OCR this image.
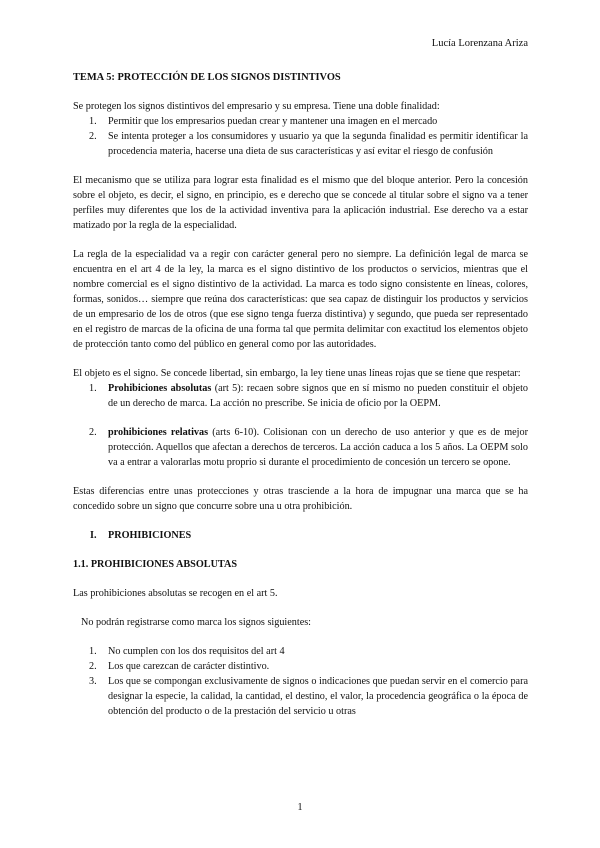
Lucía Lorenzana Ariza
TEMA 5: PROTECCIÓN DE LOS SIGNOS DISTINTIVOS

Se protegen los signos distintivos del empresario y su empresa. Tiene una doble finalidad:

1. Permitir que los empresarios puedan crear y mantener una imagen en el mercado
2. Se intenta proteger a los consumidores y usuario ya que la segunda finalidad es permitir identificar la procedencia materia, hacerse una dieta de sus características y así evitar el riesgo de confusión

El mecanismo que se utiliza para lograr esta finalidad es el mismo que del bloque anterior. Pero la concesión sobre el objeto, es decir, el signo, en principio, es e derecho que se concede al titular sobre el signo va a tener perfiles muy diferentes que los de la actividad inventiva para la aplicación industrial. Ese derecho va a estar matizado por la regla de la especialidad.

La regla de la especialidad va a regir con carácter general pero no siempre. La definición legal de marca se encuentra en el art 4 de la ley, la marca es el signo distintivo de los productos o servicios, mientras que el nombre comercial es el signo distintivo de la actividad. La marca es todo signo consistente en líneas, colores, formas, sonidos… siempre que reúna dos características: que sea capaz de distinguir los productos y servicios de un empresario de los de otros (que ese signo tenga fuerza distintiva) y segundo, que pueda ser representado en el registro de marcas de la oficina de una forma tal que permita delimitar con exactitud los elementos objeto de protección tanto como del público en general como por las autoridades.

El objeto es el signo. Se concede libertad, sin embargo, la ley tiene unas líneas rojas que se tiene que respetar:

1. Prohibiciones absolutas (art 5): recaen sobre signos que en sí mismo no pueden constituir el objeto de un derecho de marca. La acción no prescribe. Se inicia de oficio por la OEPM.
2. prohibiciones relativas (arts 6-10). Colisionan con un derecho de uso anterior y que es de mejor protección. Aquellos que afectan a derechos de terceros. La acción caduca a los 5 años. La OEPM solo va a entrar a valorarlas motu proprio si durante el procedimiento de concesión un tercero se opone.

Estas diferencias entre unas protecciones y otras trasciende a la hora de impugnar una marca que se ha concedido sobre un signo que concurre sobre una u otra prohibición.

I. PROHIBICIONES
1.1. PROHIBICIONES ABSOLUTAS

Las prohibiciones absolutas se recogen en el art 5.

No podrán registrarse como marca los signos siguientes:

1. No cumplen con los dos requisitos del art 4
2. Los que carezcan de carácter distintivo.
3. Los que se compongan exclusivamente de signos o indicaciones que puedan servir en el comercio para designar la especie, la calidad, la cantidad, el destino, el valor, la procedencia geográfica o la época de obtención del producto o de la prestación del servicio u otras
1
